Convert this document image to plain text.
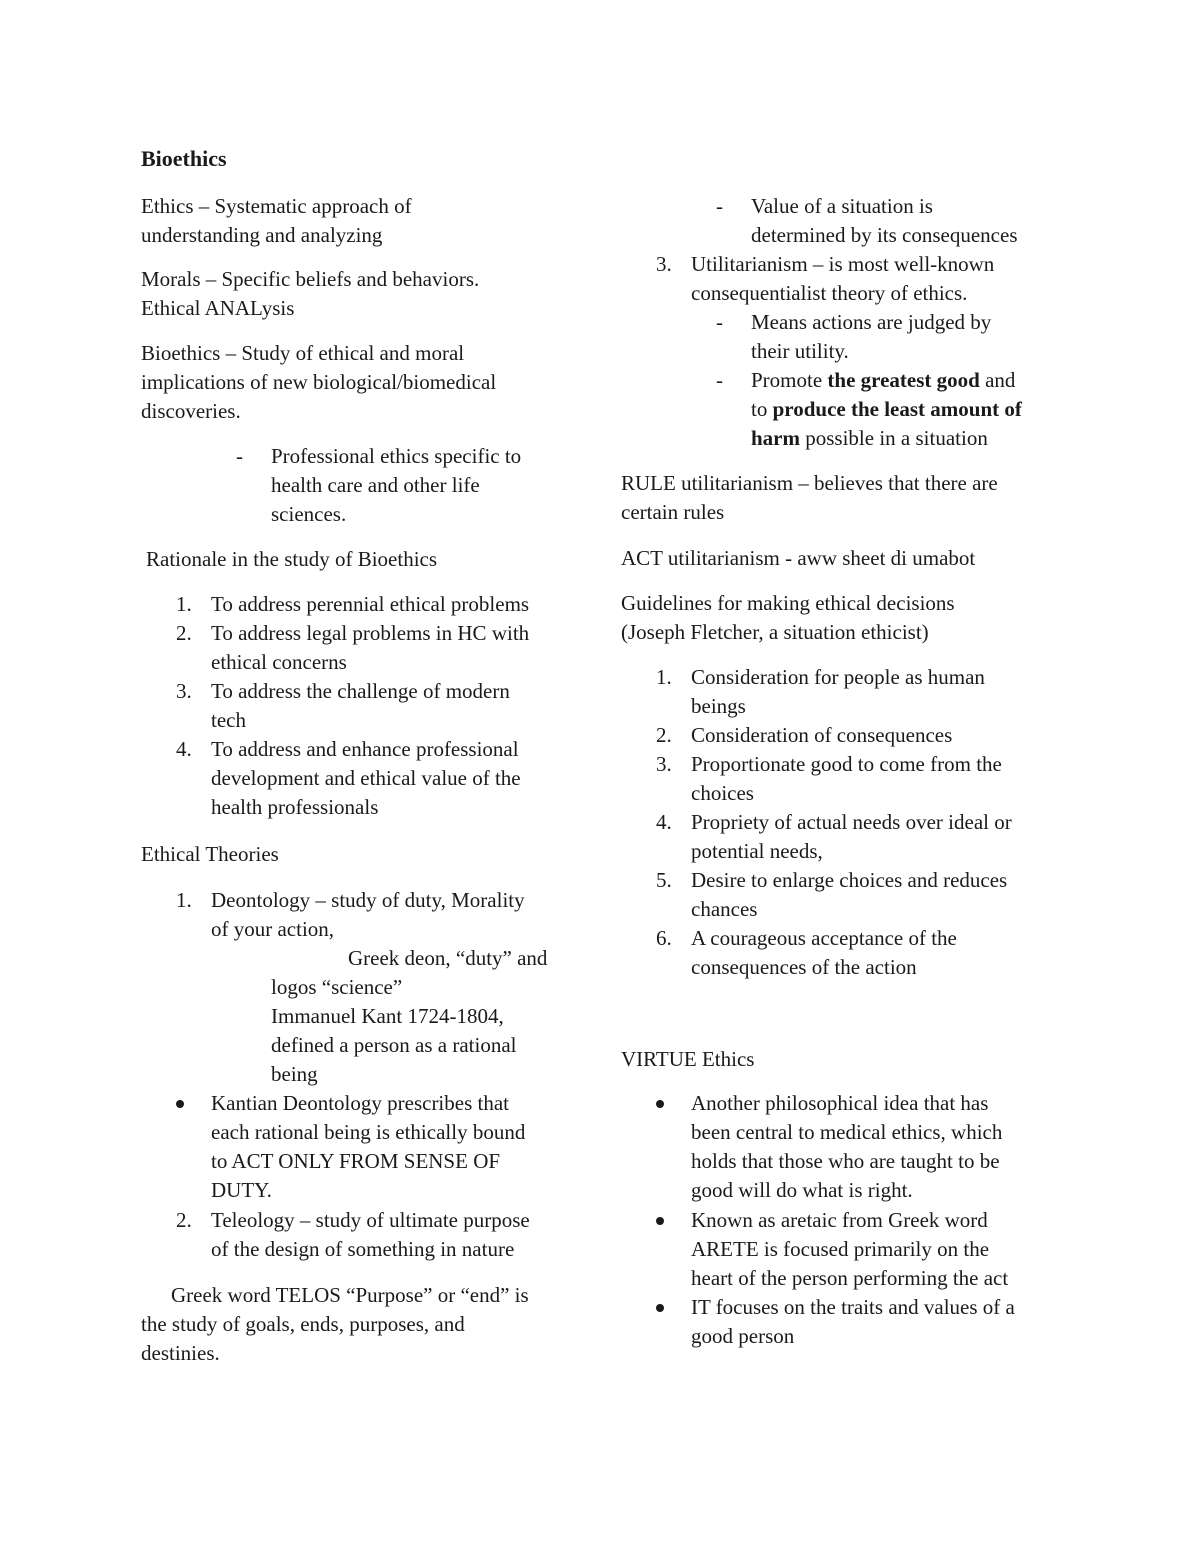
Bioethics
Ethics – Systematic approach of
understanding and analyzing
Morals – Specific beliefs and behaviors.
Ethical ANALysis
Bioethics – Study of ethical and moral
implications of new biological/biomedical
discoveries.
- Professional ethics specific to
health care and other life
sciences.
Rationale in the study of Bioethics
1. To address perennial ethical problems
2. To address legal problems in HC with
ethical concerns
3. To address the challenge of modern
tech
4. To address and enhance professional
development and ethical value of the
health professionals
Ethical Theories
1. Deontology – study of duty, Morality
of your action,
Greek deon, “duty” and
logos “science”
Immanuel Kant 1724-1804,
defined a person as a rational
being
Kantian Deontology prescribes that
each rational being is ethically bound
to ACT ONLY FROM SENSE OF
DUTY.
2. Teleology – study of ultimate purpose
of the design of something in nature
Greek word TELOS “Purpose” or “end” is
the study of goals, ends, purposes, and
destinies.
- Value of a situation is
determined by its consequences
3. Utilitarianism – is most well-known
consequentialist theory of ethics.
- Means actions are judged by
their utility.
- Promote the greatest good and
to produce the least amount of
harm possible in a situation
RULE utilitarianism – believes that there are
certain rules
ACT utilitarianism - aww sheet di umabot
Guidelines for making ethical decisions
(Joseph Fletcher, a situation ethicist)
1. Consideration for people as human
beings
2. Consideration of consequences
3. Proportionate good to come from the
choices
4. Propriety of actual needs over ideal or
potential needs,
5. Desire to enlarge choices and reduces
chances
6. A courageous acceptance of the
consequences of the action
VIRTUE Ethics
Another philosophical idea that has
been central to medical ethics, which
holds that those who are taught to be
good will do what is right.
Known as aretaic from Greek word
ARETE is focused primarily on the
heart of the person performing the act
IT focuses on the traits and values of a
good person
